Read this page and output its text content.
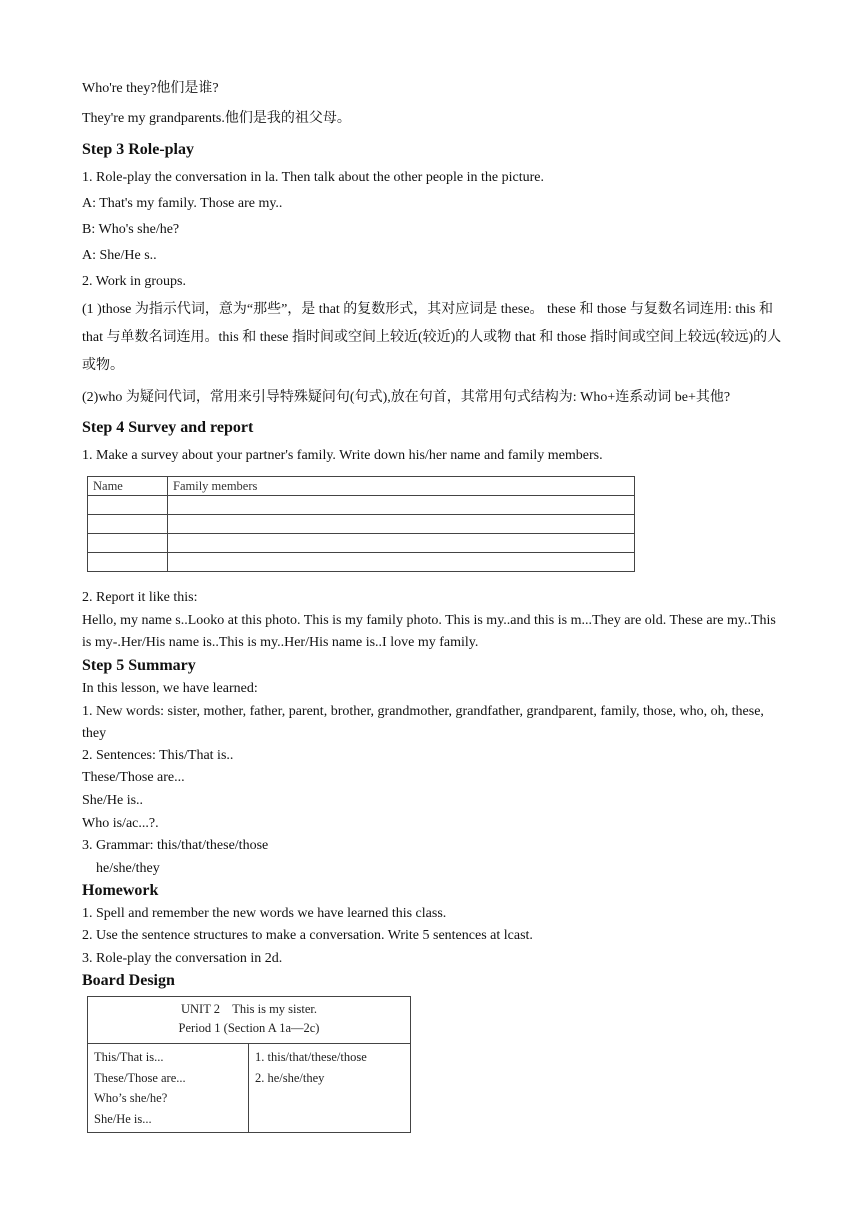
Who're they?他们是谁?
They're my grandparents.他们是我的祖父母。
Step 3 Role-play
1. Role-play the conversation in la. Then talk about the other people in the picture.
A: That's my family. Those are my..
B: Who's she/he?
A: She/He s..
2. Work in groups.
(1 )those 为指示代词，意为“那些”，是 that 的复数形式，其对应词是 these。 these 和 those 与复数名词连用: this 和 that 与单数名词连用。this 和 these 指时间或空间上较近(较近)的人或物 that 和 those 指时间或空间上较远(较远)的人或物。
(2)who 为疑问代词，常用来引导特殊疑问句(句式),放在句首，其常用句式结构为: Who+连系动词 be+其他?
Step 4 Survey and report
1. Make a survey about your partner's family. Write down his/her name and family members.
Name	Family members

2. Report it like this:
Hello, my name s..Looko at this photo. This is my family photo. This is my..and this is m...They are old. These are my..This is my-.Her/His name is..This is my..Her/His name is..I love my family.
Step 5 Summary
In this lesson, we have learned:
1. New words: sister, mother, father, parent, brother, grandmother, grandfather, grandparent, family, those, who, oh, these, they
2. Sentences: This/That is..
These/Those are...
She/He is..
Who is/ac...?.
3. Grammar: this/that/these/those
he/she/they
Homework
1. Spell and remember the new words we have learned this class.
2. Use the sentence structures to make a conversation. Write 5 sentences at lcast.
3. Role-play the conversation in 2d.
Board Design
UNIT 2    This is my sister.
Period 1 (Section A 1a—2c)

This/That is...
These/Those are...
Who’s she/he?
She/He is...

1. this/that/these/those
2. he/she/they
